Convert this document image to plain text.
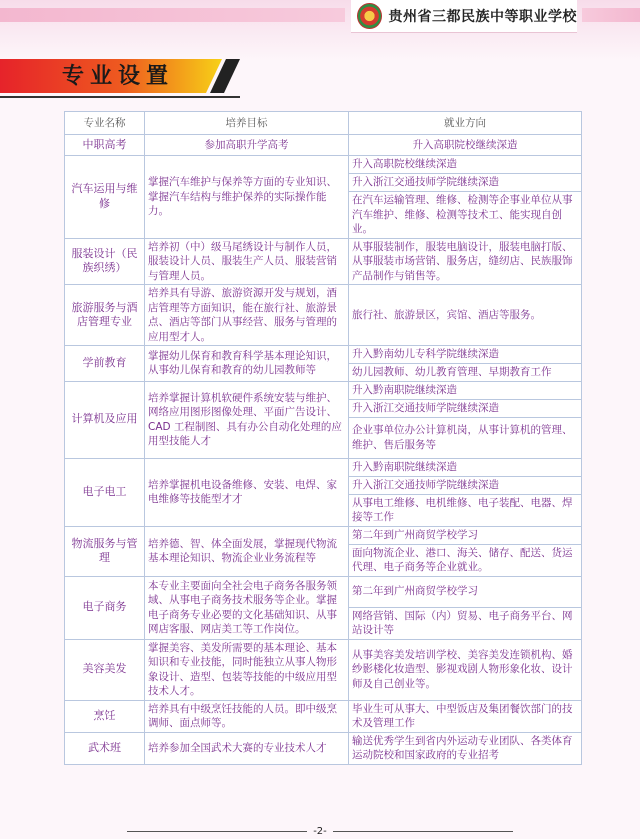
贵州省三都民族中等职业学校
专业设置
专业名称	培养目标	就业方向
中职高考	参加高职升学高考	升入高职院校继续深造
汽车运用与维修	掌握汽车维护与保养等方面的专业知识、掌握汽车结构与维护保养的实际操作能力。	升入高职院校继续深造
		升入浙江交通技师学院继续深造
		在汽车运输管理、维修、检测等企事业单位从事汽车维护、维修、检测等技术工、能实现自创业。
服装设计（民族织绣）	培养初（中）级马尾绣设计与制作人员，服装设计人员、服装生产人员、服装营销与管理人员。	从事服装制作，服装电脑设计，服装电脑打版、从事服装市场营销、服务店，缝纫店、民族服饰产品制作与销售等。
旅游服务与酒店管理专业	培养具有导游、旅游资源开发与规划，酒店管理等方面知识，能在旅行社、旅游景点、酒店等部门从事经营、服务与管理的应用型才人。	旅行社、旅游景区，宾馆、酒店等服务。
学前教育	掌握幼儿保育和教育科学基本理论知识，从事幼儿保育和教育的幼儿园教师等	升入黔南幼儿专科学院继续深造
		幼儿园教师、幼儿教育管理、早期教育工作
计算机及应用	培养掌握计算机软硬件系统安装与维护、网络应用图形图像处理、平面广告设计、CAD 工程制图、具有办公自动化处理的应用型技能人才	升入黔南职院继续深造
		升入浙江交通技师学院继续深造
		企业事单位办公计算机岗，从事计算机的管理、维护、售后服务等
电子电工	培养掌握机电设备维修、安装、电焊、家电维修等技能型才才	升入黔南职院继续深造
		升入浙江交通技师学院继续深造
		从事电工维修、电机维修、电子装配、电器、焊接等工作
物流服务与管理	培养德、智、体全面发展，掌握现代物流基本理论知识、物流企业业务流程等	第二年到广州商贸学校学习
		面向物流企业、港口、海关、储存、配送、货运代理、电子商务等企业就业。
电子商务	本专业主要面向全社会电子商务各服务领域、从事电子商务技术服务等企业。掌握电子商务专业必要的文化基础知识、从事网店客服、网店美工等工作岗位。	第二年到广州商贸学校学习
		网络营销、国际（内）贸易、电子商务平台、网站设计等
美容美发	掌握美容、美发所需要的基本理论、基本知识和专业技能，同时能独立从事人物形象设计、造型、包装等技能的中级应用型技术人才。	从事美容美发培训学校、美容美发连锁机构、婚纱影楼化妆造型、影视戏剧人物形象化妆、设计师及自己创业等。
烹饪	培养具有中级烹饪技能的人员。即中级烹调师、面点师等。	毕业生可从事大、中型饭店及集团餐饮部门的技术及管理工作
武术班	培养参加全国武术大赛的专业技术人才	输送优秀学生到省内外运动专业团队、各类体育运动院校和国家政府的专业招考
-2-
